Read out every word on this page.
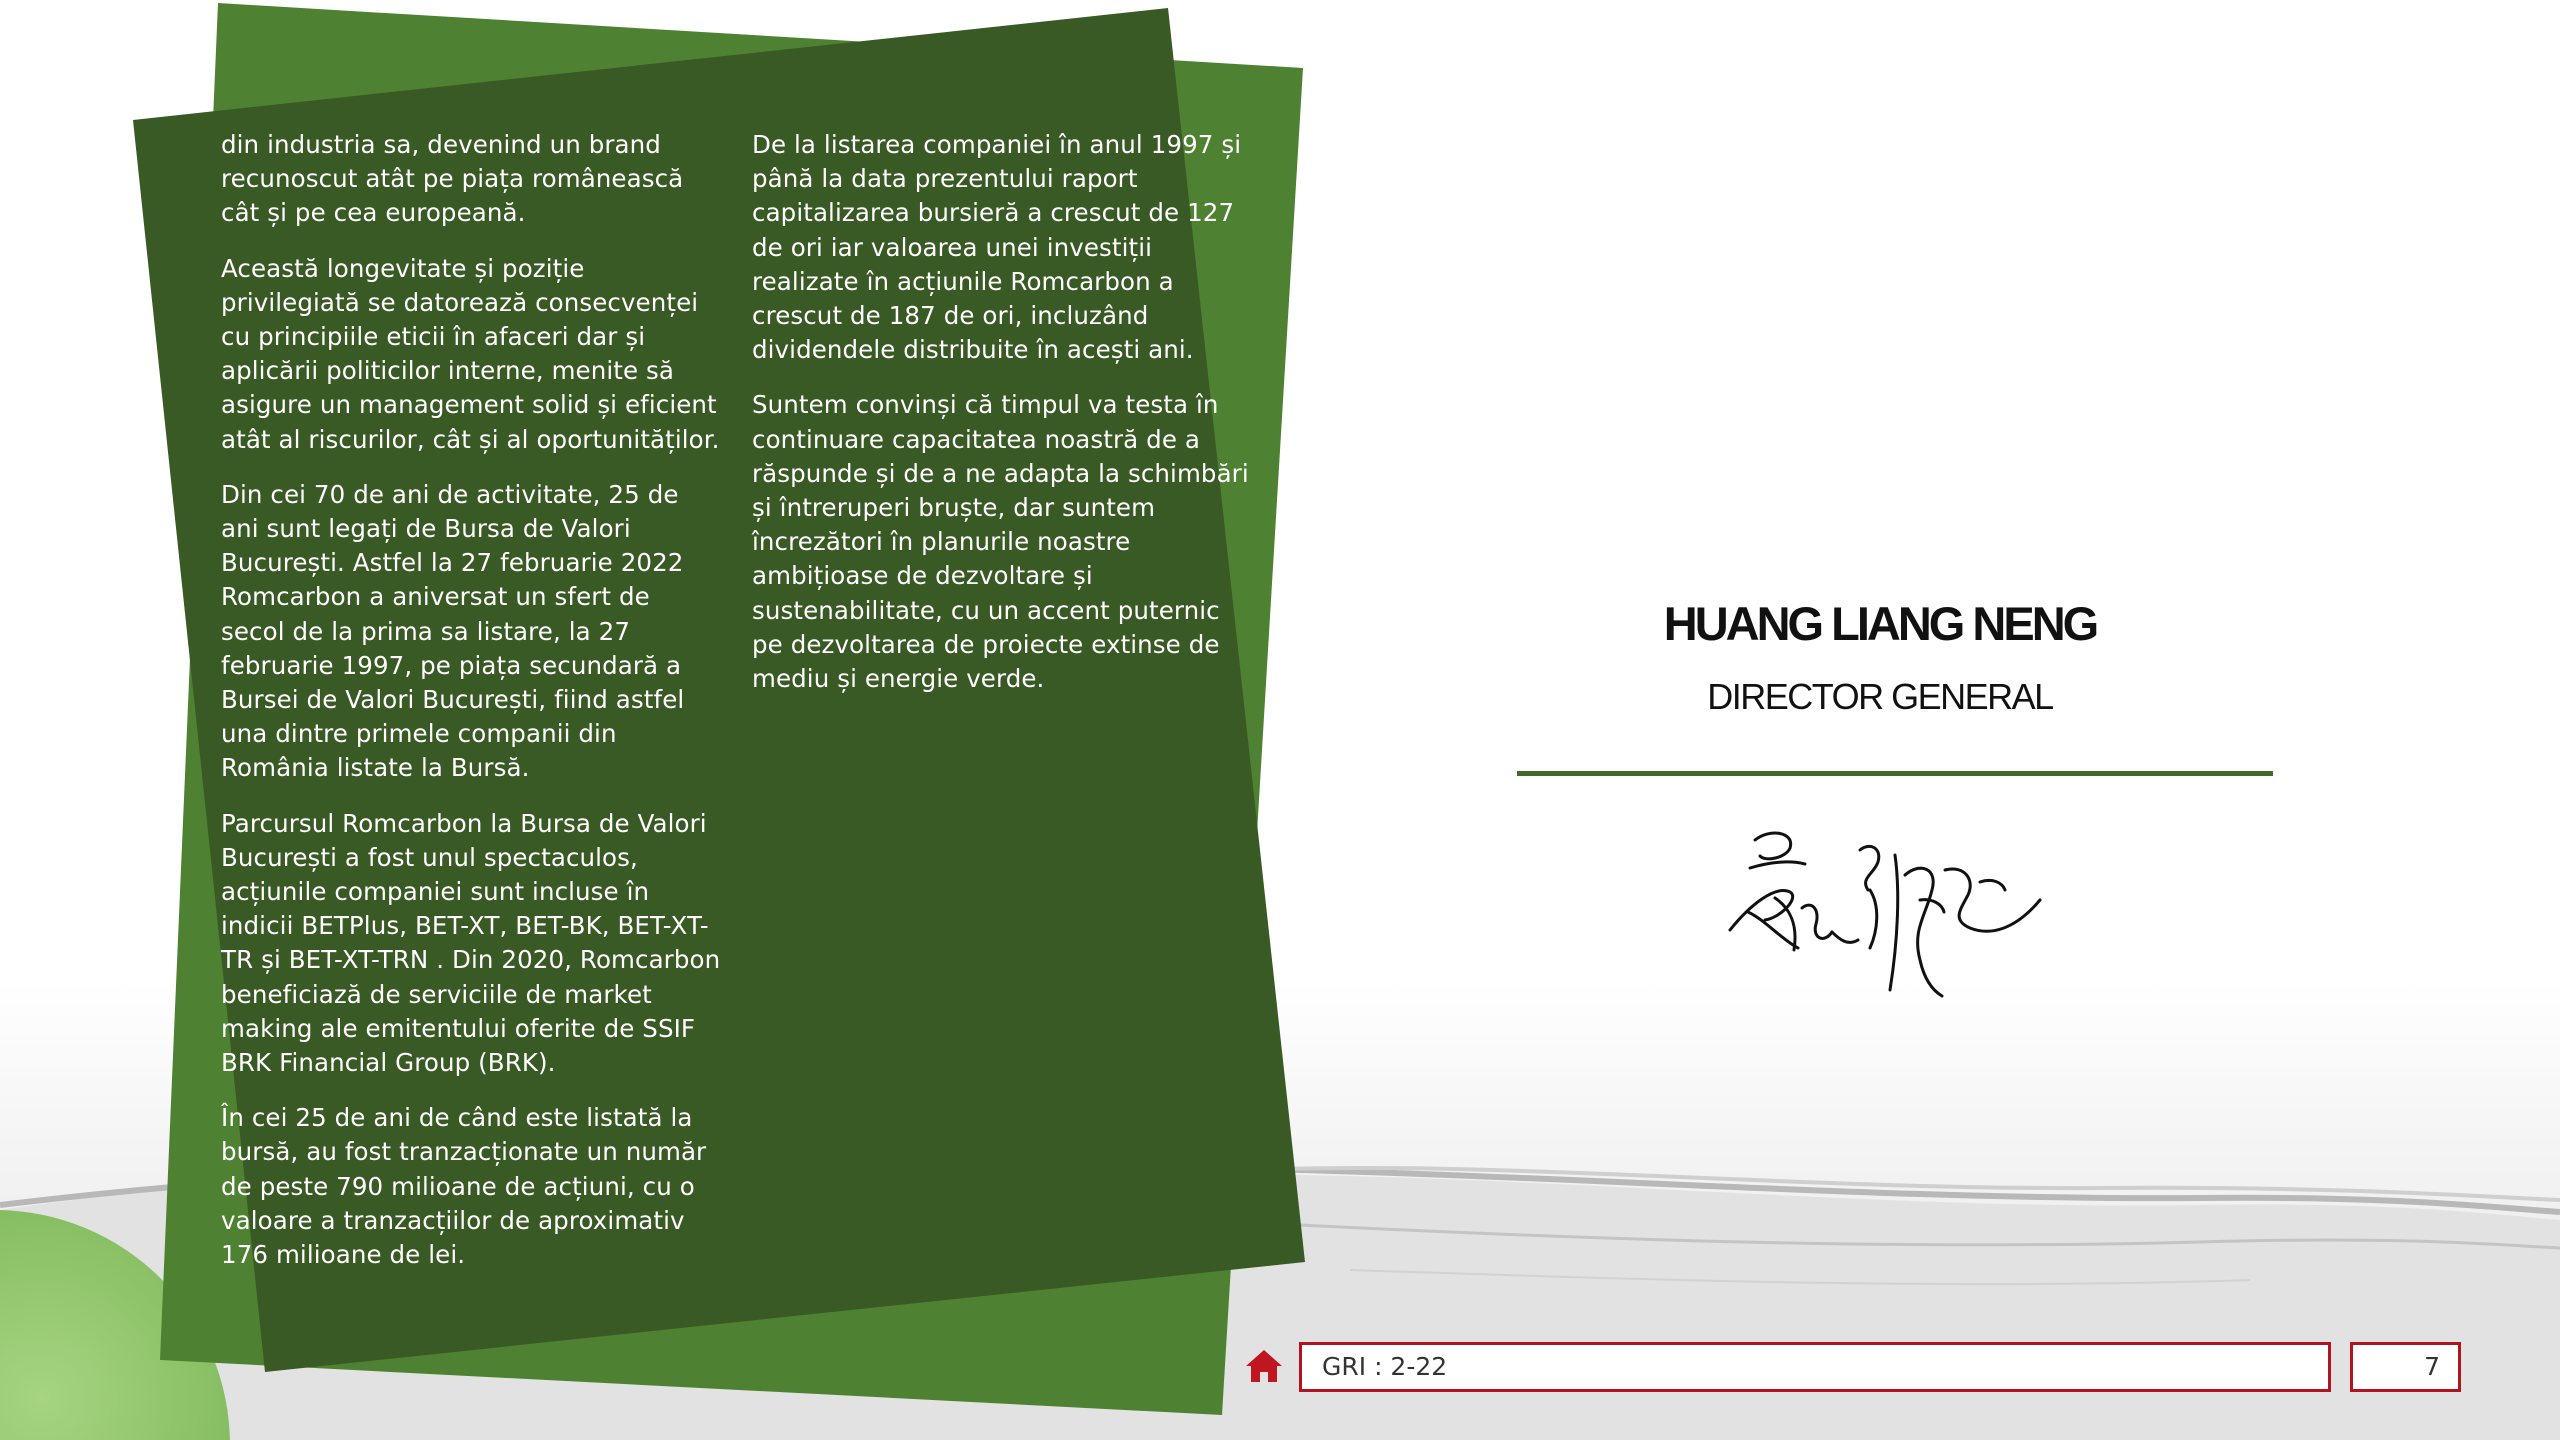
din industria sa, devenind un brand recunoscut atât pe piața românească cât și pe cea europeană.

Această longevitate și poziție privilegiată se datorează consecvenței cu principiile eticii în afaceri dar și aplicării politicilor interne, menite să asigure un management solid și eficient atât al riscurilor, cât și al oportunităților.

Din cei 70 de ani de activitate, 25 de ani sunt legați de Bursa de Valori București. Astfel la 27 februarie 2022 Romcarbon a aniversat un sfert de secol de la prima sa listare, la 27 februarie 1997, pe piața secundară a Bursei de Valori București, fiind astfel una dintre primele companii din România listate la Bursă.

Parcursul Romcarbon la Bursa de Valori București a fost unul spectaculos, acțiunile companiei sunt incluse în indicii BETPlus, BET-XT, BET-BK, BET-XT-TR și BET-XT-TRN . Din 2020, Romcarbon beneficiază de serviciile de market making ale emitentului oferite de SSIF BRK Financial Group (BRK).

În cei 25 de ani de când este listată la bursă, au fost tranzacționate un număr de peste 790 milioane de acțiuni, cu o valoare a tranzacțiilor de aproximativ 176 milioane de lei.

De la listarea companiei în anul 1997 și până la data prezentului raport capitalizarea bursieră a crescut de 127 de ori iar valoarea unei investiții realizate în acțiunile Romcarbon a crescut de 187 de ori, incluzând dividendele distribuite în acești ani.

Suntem convinși că timpul va testa în continuare capacitatea noastră de a răspunde și de a ne adapta la schimbări și întreruperi bruște, dar suntem încrezători în planurile noastre ambițioase de dezvoltare și sustenabilitate, cu un accent puternic pe dezvoltarea de proiecte extinse de mediu și energie verde.

HUANG LIANG NENG
DIRECTOR GENERAL
GRI : 2-22	7
